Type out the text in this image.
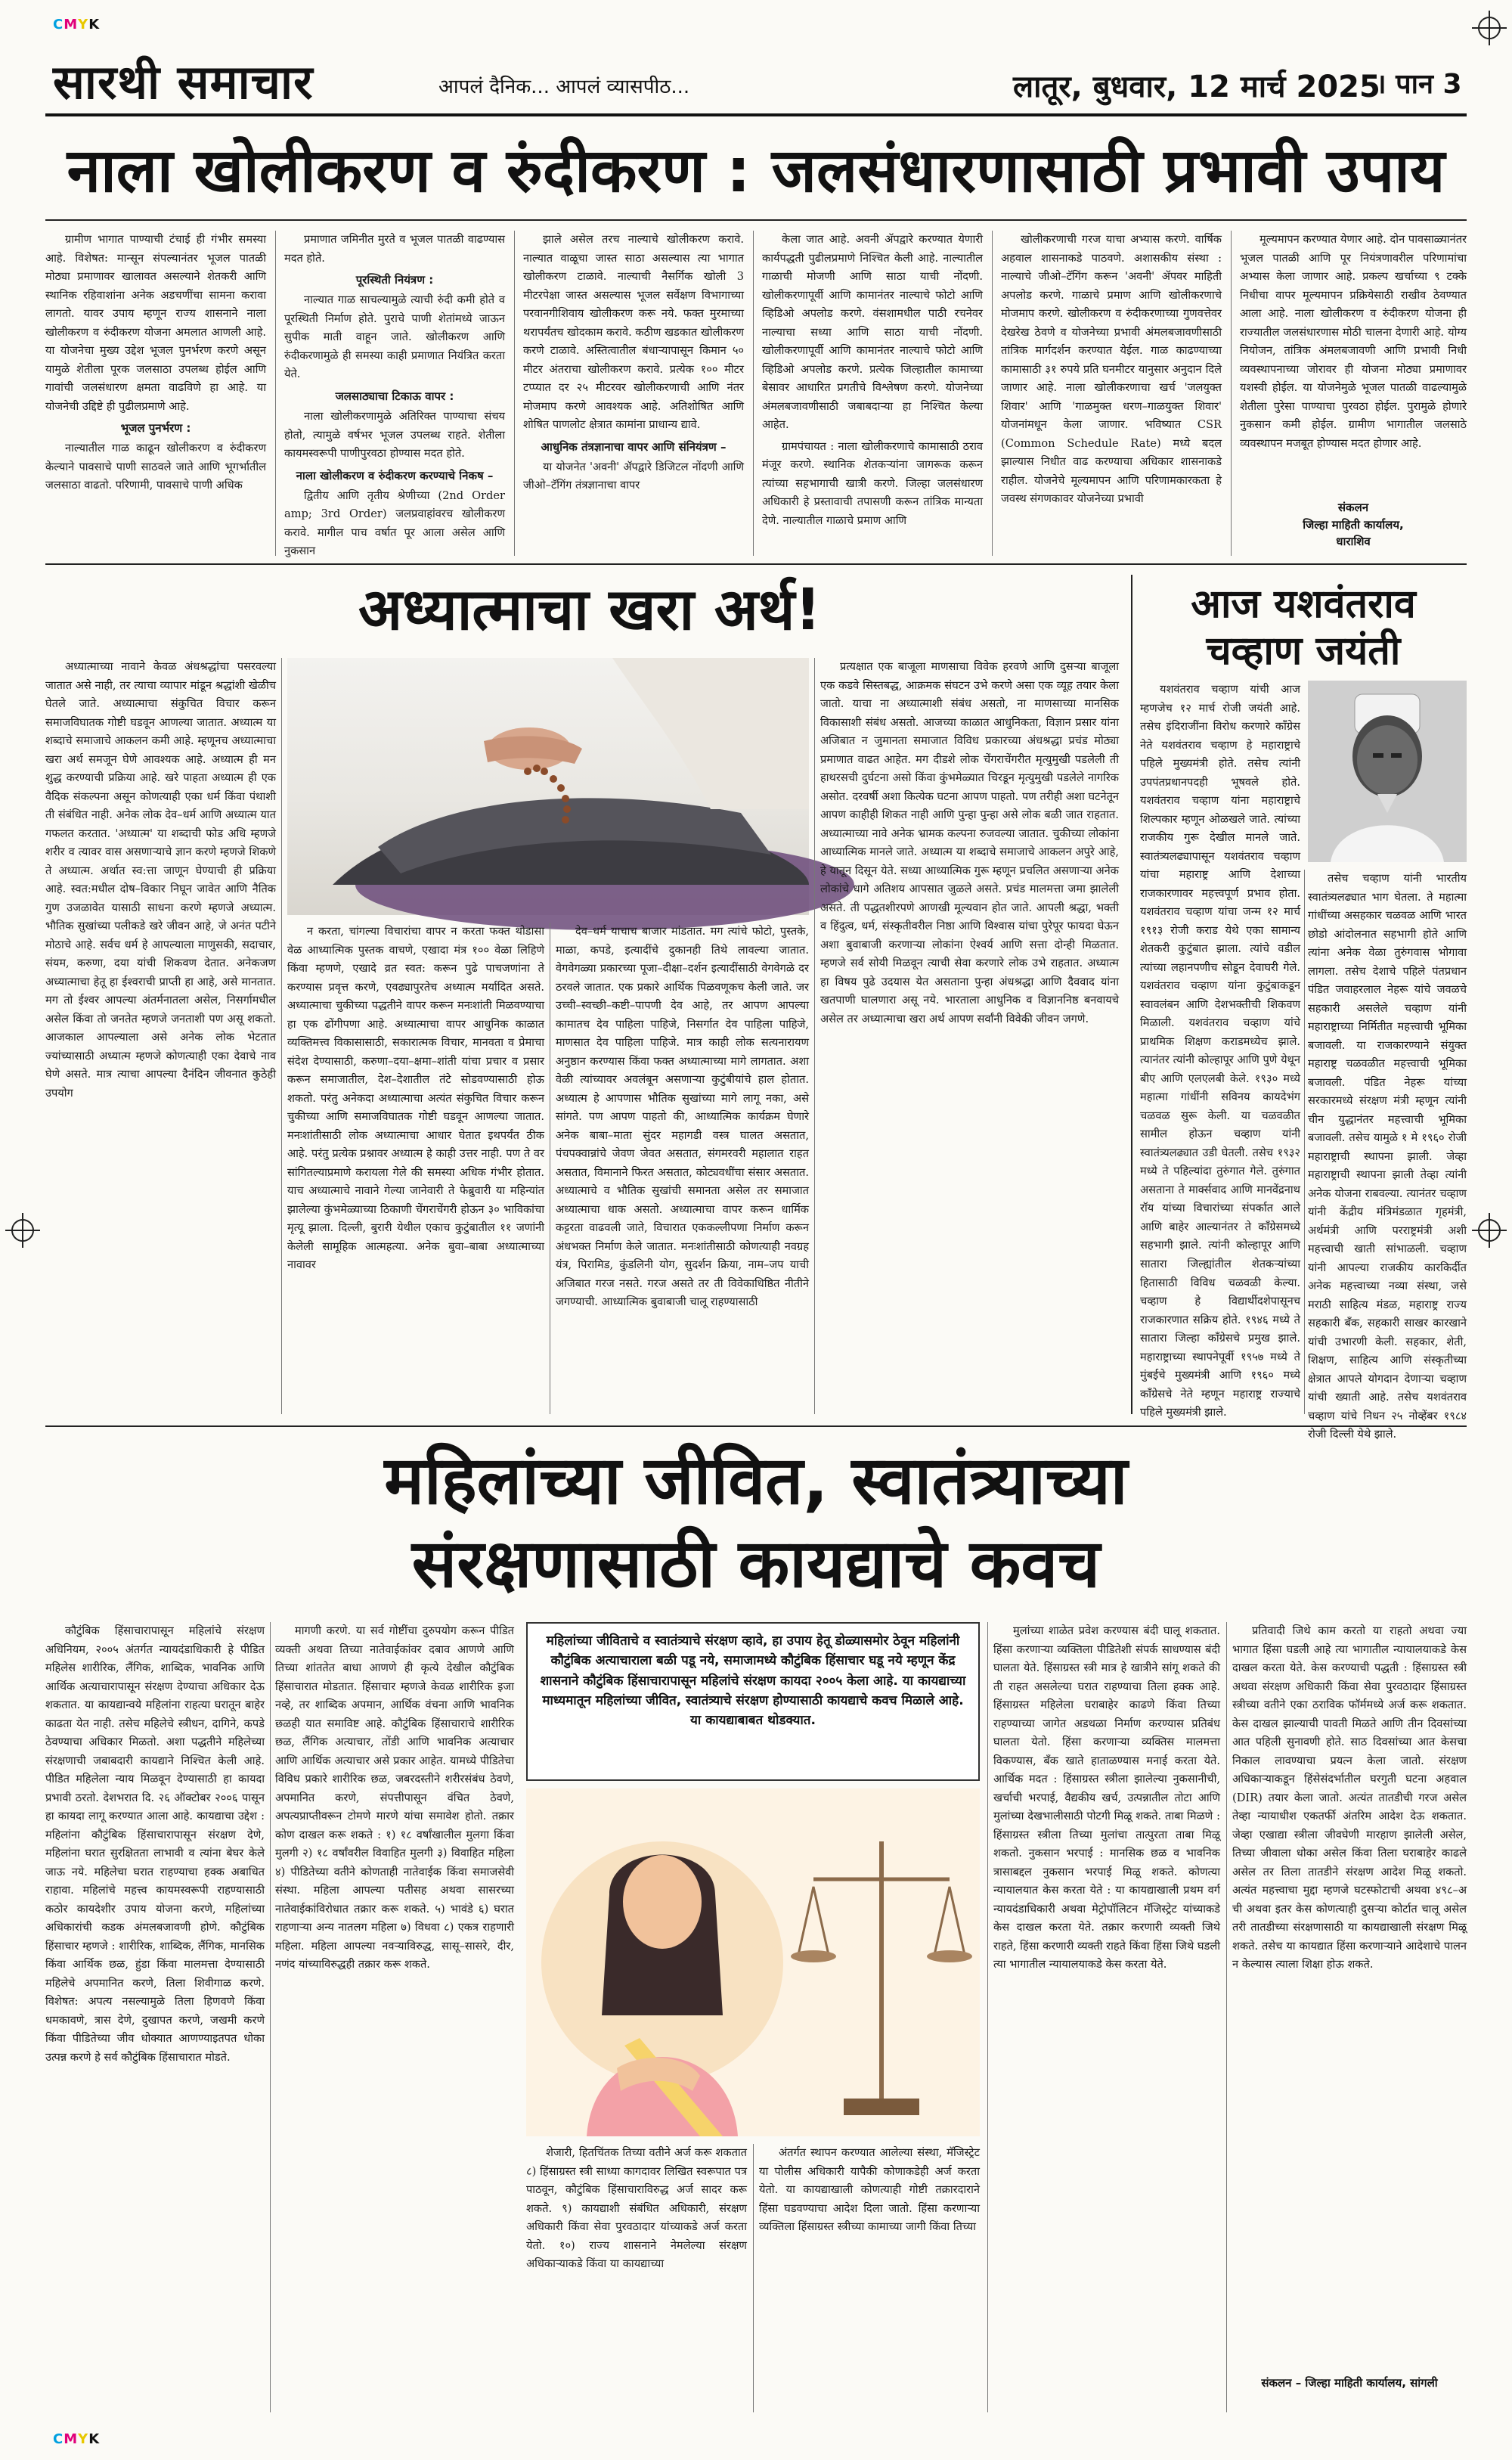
CMYK
CMYK
सारथी समाचार	आपलं दैनिक... आपलं व्यासपीठ...	लातूर, बुधवार, 12 मार्च 2025
। पान 3
नाला खोलीकरण व रुंदीकरण : जलसंधारणासाठी प्रभावी उपाय

ग्रामीण भागात पाण्याची टंचाई ही गंभीर समस्या आहे. विशेषत: मान्सून संपल्यानंतर भूजल पातळी मोठ्या प्रमाणावर खालावत असल्याने शेतकरी आणि स्थानिक रहिवाशांना अनेक अडचणींचा सामना करावा लागतो. यावर उपाय म्हणून राज्य शासनाने नाला खोलीकरण व रुंदीकरण योजना अमलात आणली आहे. या योजनेचा मुख्य उद्देश भूजल पुनर्भरण करणे असून यामुळे शेतीला पूरक जलसाठा उपलब्ध होईल आणि गावांची जलसंधारण क्षमता वाढविणे हा आहे. या योजनेची उद्दिष्टे ही पुढीलप्रमाणे आहे.

भूजल पुनर्भरण :

नाल्यातील गाळ काढून खोलीकरण व रुंदीकरण केल्याने पावसाचे पाणी साठवले जाते आणि भूगर्भातील जलसाठा वाढतो. परिणामी, पावसाचे पाणी अधिक

प्रमाणात जमिनीत मुरते व भूजल पातळी वाढण्यास मदत होते.

पूरस्थिती नियंत्रण :

नाल्यात गाळ साचल्यामुळे त्याची रुंदी कमी होते व पूरस्थिती निर्माण होते. पुराचे पाणी शेतांमध्ये जाऊन सुपीक माती वाहून जाते. खोलीकरण आणि रुंदीकरणामुळे ही समस्या काही प्रमाणात नियंत्रित करता येते.

जलसाठ्याचा टिकाऊ वापर :

नाला खोलीकरणामुळे अतिरिक्त पाण्याचा संचय होतो, त्यामुळे वर्षभर भूजल उपलब्ध राहते. शेतीला कायमस्वरूपी पाणीपुरवठा होण्यास मदत होते.

नाला खोलीकरण व रुंदीकरण करण्याचे निकष –

द्वितीय आणि तृतीय श्रेणीच्या (2nd Order amp; 3rd Order) जलप्रवाहांवरच खोलीकरण करावे. मागील पाच वर्षात पूर आला असेल आणि नुकसान

झाले असेल तरच नाल्याचे खोलीकरण करावे. नाल्यात वाळूचा जास्त साठा असल्यास त्या भागात खोलीकरण टाळावे. नाल्याची नैसर्गिक खोली 3 मीटरपेक्षा जास्त असल्यास भूजल सर्वेक्षण विभागाच्या परवानगीशिवाय खोलीकरण करू नये. फक्त मुरमाच्या थरापर्यंतच खोदकाम करावे. कठीण खडकात खोलीकरण करणे टाळावे. अस्तित्वातील बंधाऱ्यापासून किमान ५० मीटर अंतराचा खोलीकरण करावे. प्रत्येक १०० मीटर टप्प्यात दर २५ मीटरवर खोलीकरणाची आणि नंतर मोजमाप करणे आवश्यक आहे. अतिशोषित आणि शोषित पाणलोट क्षेत्रात कामांना प्राधान्य द्यावे.

आधुनिक तंत्रज्ञानाचा वापर आणि संनियंत्रण –

या योजनेत 'अवनी' ॲपद्वारे डिजिटल नोंदणी आणि जीओ–टॅगिंग तंत्रज्ञानाचा वापर

केला जात आहे. अवनी ॲपद्वारे करण्यात येणारी कार्यपद्धती पुढीलप्रमाणे निश्चित केली आहे. नाल्यातील गाळाची मोजणी आणि साठा याची नोंदणी. खोलीकरणापूर्वी आणि कामानंतर नाल्याचे फोटो आणि व्हिडिओ अपलोड करणे. वंसशामधील पाठी रचनेवर नाल्याचा सध्या आणि साठा याची नोंदणी. खोलीकरणापूर्वी आणि कामानंतर नाल्याचे फोटो आणि व्हिडिओ अपलोड करणे. प्रत्येक जिल्हातील कामाच्या बेसावर आधारित प्रगतीचे विश्लेषण करणे. योजनेच्या अंमलबजावणीसाठी जबाबदाऱ्या हा निश्चित केल्या आहेत.

ग्रामपंचायत : नाला खोलीकरणाचे कामासाठी ठराव मंजूर करणे. स्थानिक शेतकऱ्यांना जागरूक करून त्यांच्या सहभागाची खात्री करणे. जिल्हा जलसंधारण अधिकारी हे प्रस्तावाची तपासणी करून तांत्रिक मान्यता देणे. नाल्यातील गाळाचे प्रमाण आणि

खोलीकरणाची गरज याचा अभ्यास करणे. वार्षिक अहवाल शासनाकडे पाठवणे. अशासकीय संस्था : नाल्याचे जीओ–टॅगिंग करून 'अवनी' ॲपवर माहिती अपलोड करणे. गाळाचे प्रमाण आणि खोलीकरणाचे मोजमाप करणे. खोलीकरण व रुंदीकरणाच्या गुणवत्तेवर देखरेख ठेवणे व योजनेच्या प्रभावी अंमलबजावणीसाठी तांत्रिक मार्गदर्शन करण्यात येईल. गाळ काढण्याच्या कामासाठी ३१ रुपये प्रति घनमीटर यानुसार अनुदान दिले जाणार आहे. नाला खोलीकरणाचा खर्च 'जलयुक्त शिवार' आणि 'गाळमुक्त धरण–गाळयुक्त शिवार' योजनांमधून केला जाणार. भविष्यात CSR (Common Schedule Rate) मध्ये बदल झाल्यास निधीत वाढ करण्याचा अधिकार शासनाकडे राहील. योजनेचे मूल्यमापन आणि परिणामकारकता हे जवस्थ संगणकावर योजनेच्या प्रभावी

मूल्यमापन करण्यात येणार आहे. दोन पावसाळ्यानंतर भूजल पातळी आणि पूर नियंत्रणावरील परिणामांचा अभ्यास केला जाणार आहे. प्रकल्प खर्चाच्या ९ टक्के निधीचा वापर मूल्यमापन प्रक्रियेसाठी राखीव ठेवण्यात आला आहे. नाला खोलीकरण व रुंदीकरण योजना ही राज्यातील जलसंधारणास मोठी चालना देणारी आहे. योग्य नियोजन, तांत्रिक अंमलबजावणी आणि प्रभावी निधी व्यवस्थापनाच्या जोरावर ही योजना मोठ्या प्रमाणावर यशस्वी होईल. या योजनेमुळे भूजल पातळी वाढल्यामुळे शेतीला पुरेसा पाण्याचा पुरवठा होईल. पुरामुळे होणारे नुकसान कमी होईल. ग्रामीण भागातील जलसाठे व्यवस्थापन मजबूत होण्यास मदत होणार आहे.

संकलन
जिल्हा माहिती कार्यालय,
धाराशिव
अध्यात्माचा खरा अर्थ!

अध्यात्माच्या नावाने केवळ अंधश्रद्धांचा पसरवल्या जातात असे नाही, तर त्याचा व्यापार मांडून श्रद्धांशी खेळीच घेतले जाते. अध्यात्माचा संकुचित विचार करून समाजविघातक गोष्टी घडवून आणल्या जातात. अध्यात्म या शब्दाचे समाजाचे आकलन कमी आहे. म्हणूनच अध्यात्माचा खरा अर्थ समजून घेणे आवश्यक आहे. अध्यात्म ही मन शुद्ध करण्याची प्रक्रिया आहे. खरे पाहता अध्यात्म ही एक वैदिक संकल्पना असून कोणत्याही एका धर्म किंवा पंथाशी ती संबंधित नाही. अनेक लोक देव–धर्म आणि अध्यात्म यात गफलत करतात. 'अध्यात्म' या शब्दाची फोड अधि म्हणजे शरीर व त्यावर वास असणाऱ्याचे ज्ञान करणे म्हणजे शिकणे ते अध्यात्म. अर्थात स्व:त्ता जाणून घेण्याची ही प्रक्रिया आहे. स्वत:मधील दोष–विकार निघून जावेत आणि नैतिक गुण उजळावेत यासाठी साधना करणे म्हणजे अध्यात्म. भौतिक सुखांच्या पलीकडे खरे जीवन आहे, जे अनंत पटीने मोठाचे आहे. सर्वच धर्म हे आपल्याला माणुसकी, सदाचार, संयम, करुणा, दया यांची शिकवण देतात. अनेकजण अध्यात्माचा हेतू हा ईश्वराची प्राप्ती हा आहे, असे मानतात. मग तो ईश्वर आपल्या अंतर्मनातला असेल, निसर्गामधील असेल किंवा तो जनतेत म्हणजे जनताशी पण असू शकतो. आजकाल आपल्याला असे अनेक लोक भेटतात ज्यांच्यासाठी अध्यात्म म्हणजे कोणत्याही एका देवाचे नाव घेणे असते. मात्र त्याचा आपल्या दैनंदिन जीवनात कुठेही उपयोग

न करता, चांगल्या विचारांचा वापर न करता फक्त थोडासा वेळ आध्यात्मिक पुस्तक वाचणे, एखादा मंत्र १०० वेळा लिहिणे किंवा म्हणणे, एखादे व्रत स्वत: करून पुढे पाचजणांना ते करण्यास प्रवृत्त करणे, एवढ्यापुरतेच अध्यात्म मर्यादित असते. अध्यात्माचा चुकीच्या पद्धतीने वापर करून मनःशांती मिळवण्याचा हा एक ढोंगीपणा आहे. अध्यात्माचा वापर आधुनिक काळात व्यक्तिमत्त्व विकासासाठी, सकारात्मक विचार, मानवता व प्रेमाचा संदेश देण्यासाठी, करुणा–दया–क्षमा–शांती यांचा प्रचार व प्रसार करून समाजातील, देश–देशातील तंटे सोडवण्यासाठी होऊ शकतो. परंतु अनेकदा अध्यात्माचा अत्यंत संकुचित विचार करून चुकीच्या आणि समाजविघातक गोष्टी घडवून आणल्या जातात. मनःशांतीसाठी लोक अध्यात्माचा आधार घेतात इथपर्यंत ठीक आहे. परंतु प्रत्येक प्रश्नावर अध्यात्म हे काही उत्तर नाही. पण ते वर सांगितल्याप्रमाणे करायला गेले की समस्या अधिक गंभीर होतात. याच अध्यात्माचे नावाने गेल्या जानेवारी ते फेब्रुवारी या महिन्यांत झालेल्या कुंभमेळ्याच्या ठिकाणी चेंगराचेंगरी होऊन ३० भाविकांचा मृत्यू झाला. दिल्ली, बुरारी येथील एकाच कुटुंबातील ११ जणांनी केलेली सामूहिक आत्महत्या. अनेक बुवा–बाबा अध्यात्माच्या नावावर

देव–धर्म याचाच बाजार मांडतात. मग त्यांचे फोटो, पुस्तके, माळा, कपडे, इत्यादींचे दुकानही तिथे लावल्या जातात. वेगवेगळ्या प्रकारच्या पूजा–दीक्षा–दर्शन इत्यादींसाठी वेगवेगळे दर ठरवले जातात. एक प्रकारे आर्थिक पिळवणूकच केली जाते. जर उच्ची–स्वच्छी–कष्टी–पापणी देव आहे, तर आपण आपल्या कामातच देव पाहिला पाहिजे, निसर्गात देव पाहिला पाहिजे, माणसात देव पाहिला पाहिजे. मात्र काही लोक सत्यनारायण अनुष्ठान करण्यास किंवा फक्त अध्यात्माच्या मागे लागतात. अशा वेळी त्यांच्यावर अवलंबून असणाऱ्या कुटुंबीयांचे हाल होतात. अध्यात्म हे आपणास भौतिक सुखांच्या मागे लागू नका, असे सांगते. पण आपण पाहतो की, आध्यात्मिक कार्यक्रम घेणारे अनेक बाबा–माता सुंदर महागडी वस्त्र घालत असतात, पंचपक्वान्नांचे जेवण जेवत असतात, संगमरवरी महालात राहत असतात, विमानाने फिरत असतात, कोट्यवधींचा संसार असतात. अध्यात्माचे व भौतिक सुखांची समानता असेल तर समाजात अध्यात्माचा धाक असतो. अध्यात्माचा वापर करून धार्मिक कट्टरता वाढवली जाते, विचारात एककल्लीपणा निर्माण करून अंधभक्त निर्माण केले जातात. मनःशांतीसाठी कोणत्याही नवग्रह यंत्र, पिरामिड, कुंडलिनी योग, सुदर्शन क्रिया, नाम–जप याची अजिबात गरज नसते. गरज असते तर ती विवेकाधिष्ठित नीतीने जगण्याची. आध्यात्मिक बुवाबाजी चालू राहण्यासाठी

प्रत्यक्षात एक बाजूला माणसाचा विवेक हरवणे आणि दुसऱ्या बाजूला एक कडवे सिस्तबद्ध, आक्रमक संघटन उभे करणे असा एक व्यूह तयार केला जातो. याचा ना अध्यात्माशी संबंध असतो, ना माणसाच्या मानसिक विकासाशी संबंध असतो. आजच्या काळात आधुनिकता, विज्ञान प्रसार यांना अजिबात न जुमानता समाजात विविध प्रकारच्या अंधश्रद्धा प्रचंड मोठ्या प्रमाणात वाढत आहेत. मग दीडशे लोक चेंगराचेंगरीत मृत्युमुखी पडलेली ती हाथरसची दुर्घटना असो किंवा कुंभमेळ्यात चिरडून मृत्युमुखी पडलेले नागरिक असोत. दरवर्षी अशा कित्येक घटना आपण पाहतो. पण तरीही अशा घटनेतून आपण काहीही शिकत नाही आणि पुन्हा पुन्हा असे लोक बळी जात राहतात. अध्यात्माच्या नावे अनेक भ्रामक कल्पना रुजवल्या जातात. चुकीच्या लोकांना आध्यात्मिक मानले जाते. अध्यात्म या शब्दाचे समाजाचे आकलन अपुरे आहे, हे यातून दिसून येते. सध्या आध्यात्मिक गुरू म्हणून प्रचलित असणाऱ्या अनेक लोकांचे धागे अतिशय आपसात जुळले असते. प्रचंड मालमत्ता जमा झालेली असते. ती पद्धतशीरपणे आणखी मूल्यवान होत जाते. आपली श्रद्धा, भक्ती व हिंदुत्व, धर्म, संस्कृतीवरील निष्ठा आणि विश्वास यांचा पुरेपूर फायदा घेऊन अशा बुवाबाजी करणाऱ्या लोकांना ऐश्वर्य आणि सत्ता दोन्ही मिळतात. म्हणजे सर्व सोयी मिळवून त्याची सेवा करणारे लोक उभे राहतात. अध्यात्म हा विषय पुढे उदयास येत असताना पुन्हा अंधश्रद्धा आणि दैववाद यांना खतपाणी घालणारा असू नये. भारताला आधुनिक व विज्ञाननिष्ठ बनवायचे असेल तर अध्यात्माचा खरा अर्थ आपण सर्वांनी विवेकी जीवन जगणे.

आज यशवंतराव चव्हाण जयंती

यशवंतराव चव्हाण यांची आज म्हणजेच १२ मार्च रोजी जयंती आहे. तसेच इंदिराजींना विरोध करणारे काँग्रेस नेते यशवंतराव चव्हाण हे महाराष्ट्राचे पहिले मुख्यमंत्री होते. तसेच त्यांनी उपपंतप्रधानपदही भूषवले होते. यशवंतराव चव्हाण यांना महाराष्ट्राचे शिल्पकार म्हणून ओळखले जाते. त्यांच्या राजकीय गुरू देखील मानले जाते. स्वातंत्र्यलढ्यापासून यशवंतराव चव्हाण यांचा महाराष्ट्र आणि देशाच्या राजकारणावर महत्त्वपूर्ण प्रभाव होता. यशवंतराव चव्हाण यांचा जन्म १२ मार्च १९१३ रोजी कराड येथे एका सामान्य शेतकरी कुटुंबात झाला. त्यांचे वडील त्यांच्या लहानपणीच सोडून देवाघरी गेले. यशवंतराव चव्हाण यांना कुटुंबाकडून स्वावलंबन आणि देशभक्तीची शिकवण मिळाली. यशवंतराव चव्हाण यांचे प्राथमिक शिक्षण कराडमध्येच झाले. त्यानंतर त्यांनी कोल्हापूर आणि पुणे येथून बीए आणि एलएलबी केले. १९३० मध्ये महात्मा गांधींनी सविनय कायदेभंग चळवळ सुरू केली. या चळवळीत सामील होऊन चव्हाण यांनी स्वातंत्र्यलढ्यात उडी घेतली. तसेच १९३२ मध्ये ते पहिल्यांदा तुरुंगात गेले. तुरुंगात असताना ते मार्क्सवाद आणि मानवेंद्रनाथ रॉय यांच्या विचारांच्या संपर्कात आले आणि बाहेर आल्यानंतर ते काँग्रेसमध्ये सहभागी झाले. त्यांनी कोल्हापूर आणि सातारा जिल्ह्यांतील शेतकऱ्यांच्या हितासाठी विविध चळवळी केल्या. चव्हाण हे विद्यार्थीदशेपासूनच राजकारणात सक्रिय होते. १९४६ मध्ये ते सातारा जिल्हा काँग्रेसचे प्रमुख झाले. महाराष्ट्राच्या स्थापनेपूर्वी १९५७ मध्ये ते मुंबईचे मुख्यमंत्री आणि १९६० मध्ये कॉंग्रेसचे नेते म्हणून महाराष्ट्र राज्याचे पहिले मुख्यमंत्री झाले.

तसेच चव्हाण यांनी भारतीय स्वातंत्र्यलढ्यात भाग घेतला. ते महात्मा गांधींच्या असहकार चळवळ आणि भारत छोडो आंदोलनात सहभागी होते आणि त्यांना अनेक वेळा तुरुंगवास भोगावा लागला. तसेच देशाचे पहिले पंतप्रधान पंडित जवाहरलाल नेहरू यांचे जवळचे सहकारी असलेले चव्हाण यांनी महाराष्ट्राच्या निर्मितीत महत्त्वाची भूमिका बजावली. या राजकारण्याने संयुक्त महाराष्ट्र चळवळीत महत्त्वाची भूमिका बजावली. पंडित नेहरू यांच्या सरकारमध्ये संरक्षण मंत्री म्हणून त्यांनी चीन युद्धानंतर महत्त्वाची भूमिका बजावली. तसेच यामुळे १ मे १९६० रोजी महाराष्ट्राची स्थापना झाली. जेव्हा महाराष्ट्राची स्थापना झाली तेव्हा त्यांनी अनेक योजना राबवल्या. त्यानंतर चव्हाण यांनी केंद्रीय मंत्रिमंडळात गृहमंत्री, अर्थमंत्री आणि परराष्ट्रमंत्री अशी महत्त्वाची खाती सांभाळली. चव्हाण यांनी आपल्या राजकीय कारकिर्दीत अनेक महत्त्वाच्या नव्या संस्था, जसे मराठी साहित्य मंडळ, महाराष्ट्र राज्य सहकारी बँक, सहकारी साखर कारखाने यांची उभारणी केली. सहकार, शेती, शिक्षण, साहित्य आणि संस्कृतीच्या क्षेत्रात आपले योगदान देणाऱ्या चव्हाण यांची ख्याती आहे. तसेच यशवंतराव चव्हाण यांचे निधन २५ नोव्हेंबर १९८४ रोजी दिल्ली येथे झाले.

महिलांच्या जीवित, स्वातंत्र्याच्या
संरक्षणासाठी कायद्याचे कवच

कौटुंबिक हिंसाचारापासून महिलांचे संरक्षण अधिनियम, २००५ अंतर्गत न्यायदंडाधिकारी हे पीडित महिलेस शारीरिक, लैंगिक, शाब्दिक, भावनिक आणि आर्थिक अत्याचारापासून संरक्षण देण्याचा अधिकार देऊ शकतात. या कायद्यान्वये महिलांना राहत्या घरातून बाहेर काढता येत नाही. तसेच महिलेचे स्त्रीधन, दागिने, कपडे ठेवण्याचा अधिकार मिळतो. अशा पद्धतीने महिलेच्या संरक्षणाची जबाबदारी कायद्याने निश्चित केली आहे. पीडित महिलेला न्याय मिळवून देण्यासाठी हा कायदा प्रभावी ठरतो. देशभरात दि. २६ ऑक्टोबर २००६ पासून हा कायदा लागू करण्यात आला आहे. कायद्याचा उद्देश : महिलांना कौटुंबिक हिंसाचारापासून संरक्षण देणे, महिलांना घरात सुरक्षितता लाभावी व त्यांना बेघर केले जाऊ नये. महिलेचा घरात राहण्याचा हक्क अबाधित राहावा. महिलांचे महत्त्व कायमस्वरूपी राहण्यासाठी कठोर कायदेशीर उपाय योजना करणे, महिलांच्या अधिकारांची कडक अंमलबजावणी होणे. कौटुंबिक हिंसाचार म्हणजे : शारीरिक, शाब्दिक, लैंगिक, मानसिक किंवा आर्थिक छळ, हुंडा किंवा मालमत्ता देण्यासाठी महिलेचे अपमानित करणे, तिला शिवीगाळ करणे. विशेषत: अपत्य नसल्यामुळे तिला हिणवणे किंवा धमकावणे, त्रास देणे, दुखापत करणे, जखमी करणे किंवा पीडितेच्या जीव धोक्यात आणण्याइतपत धोका उत्पन्न करणे हे सर्व कौटुंबिक हिंसाचारात मोडते.

मागणी करणे. या सर्व गोष्टींचा दुरुपयोग करून पीडित व्यक्ती अथवा तिच्या नातेवाईकांवर दबाव आणणे आणि तिच्या शांततेत बाधा आणणे ही कृत्ये देखील कौटुंबिक हिंसाचारात मोडतात. हिंसाचार म्हणजे केवळ शारीरिक इजा नव्हे, तर शाब्दिक अपमान, आर्थिक वंचना आणि भावनिक छळही यात समाविष्ट आहे. कौटुंबिक हिंसाचाराचे शारीरिक छळ, लैंगिक अत्याचार, तोंडी आणि भावनिक अत्याचार आणि आर्थिक अत्याचार असे प्रकार आहेत. यामध्ये पीडितेचा विविध प्रकारे शारीरिक छळ, जबरदस्तीने शरीरसंबंध ठेवणे, अपमानित करणे, संपत्तीपासून वंचित ठेवणे, अपत्यप्राप्तीवरून टोमणे मारणे यांचा समावेश होतो. तक्रार कोण दाखल करू शकते : १) १८ वर्षांखालील मुलगा किंवा मुलगी २) १८ वर्षांवरील विवाहित मुलगी ३) विवाहित महिला ४) पीडितेच्या वतीने कोणताही नातेवाईक किंवा समाजसेवी संस्था. महिला आपल्या पतीसह अथवा सासरच्या नातेवाईकांविरोधात तक्रार करू शकते. ५) भावंडे ६) घरात राहणाऱ्या अन्य नातलग महिला ७) विधवा ८) एकत्र राहणारी महिला. महिला आपल्या नवऱ्याविरुद्ध, सासू–सासरे, दीर, नणंद यांच्याविरुद्धही तक्रार करू शकते.

महिलांच्या जीविताचे व स्वातंत्र्याचे संरक्षण व्हावे, हा उपाय हेतू डोळ्यासमोर ठेवून महिलांनी कौटुंबिक अत्याचाराला बळी पडू नये, समाजामध्ये कौटुंबिक हिंसाचार घडू नये म्हणून केंद्र शासनाने कौटुंबिक हिंसाचारापासून महिलांचे संरक्षण कायदा २००५ केला आहे. या कायद्याच्या माध्यमातून महिलांच्या जीवित, स्वातंत्र्याचे संरक्षण होण्यासाठी कायद्याचे कवच मिळाले आहे. या कायद्याबाबत थोडक्यात.

शेजारी, हितचिंतक तिच्या वतीने अर्ज करू शकतात ८) हिंसाग्रस्त स्त्री साध्या कागदावर लिखित स्वरूपात पत्र पाठवून, कौटुंबिक हिंसाचाराविरुद्ध अर्ज सादर करू शकते. ९) कायद्याशी संबंधित अधिकारी, संरक्षण अधिकारी किंवा सेवा पुरवठादार यांच्याकडे अर्ज करता येतो. १०) राज्य शासनाने नेमलेल्या संरक्षण अधिकाऱ्याकडे किंवा या कायद्याच्या

अंतर्गत स्थापन करण्यात आलेल्या संस्था, मॅजिस्ट्रेट या पोलीस अधिकारी यापैकी कोणाकडेही अर्ज करता येतो. या कायद्याखाली कोणत्याही गोष्टी तक्रारदाराने हिंसा घडवण्याचा आदेश दिला जातो. हिंसा करणाऱ्या व्यक्तिला हिंसाग्रस्त स्त्रीच्या कामाच्या जागी किंवा तिच्या

मुलांच्या शाळेत प्रवेश करण्यास बंदी घालू शकतात. हिंसा करणाऱ्या व्यक्तिला पीडितेशी संपर्क साधण्यास बंदी घालता येते. हिंसाग्रस्त स्त्री मात्र हे खात्रीने सांगू शकते की ती राहत असलेल्या घरात राहण्याचा तिला हक्क आहे. हिंसाग्रस्त महिलेला घराबाहेर काढणे किंवा तिच्या राहण्याच्या जागेत अडथळा निर्माण करण्यास प्रतिबंध घालता येतो. हिंसा करणाऱ्या व्यक्तिस मालमत्ता विकण्यास, बँक खाते हाताळण्यास मनाई करता येते. आर्थिक मदत : हिंसाग्रस्त स्त्रीला झालेल्या नुकसानीची, खर्चाची भरपाई, वैद्यकीय खर्च, उत्पन्नातील तोटा आणि मुलांच्या देखभालीसाठी पोटगी मिळू शकते. ताबा मिळणे : हिंसाग्रस्त स्त्रीला तिच्या मुलांचा तात्पुरता ताबा मिळू शकतो. नुकसान भरपाई : मानसिक छळ व भावनिक त्रासाबद्दल नुकसान भरपाई मिळू शकते. कोणत्या न्यायालयात केस करता येते : या कायद्याखाली प्रथम वर्ग न्यायदंडाधिकारी अथवा मेट्रोपॉलिटन मॅजिस्ट्रेट यांच्याकडे केस दाखल करता येते. तक्रार करणारी व्यक्ती जिथे राहते, हिंसा करणारी व्यक्ती राहते किंवा हिंसा जिथे घडली त्या भागातील न्यायालयाकडे केस करता येते.

प्रतिवादी जिथे काम करतो या राहतो अथवा ज्या भागात हिंसा घडली आहे त्या भागातील न्यायालयाकडे केस दाखल करता येते. केस करण्याची पद्धती : हिंसाग्रस्त स्त्री अथवा संरक्षण अधिकारी किंवा सेवा पुरवठादार हिंसाग्रस्त स्त्रीच्या वतीने एका ठराविक फॉर्ममध्ये अर्ज करू शकतात. केस दाखल झाल्याची पावती मिळते आणि तीन दिवसांच्या आत पहिली सुनावणी होते. साठ दिवसांच्या आत केसचा निकाल लावण्याचा प्रयत्न केला जातो. संरक्षण अधिकाऱ्याकडून हिंसेसंदर्भातील घरगुती घटना अहवाल (DIR) तयार केला जातो. अत्यंत तातडीची गरज असेल तेव्हा न्यायाधीश एकतर्फी अंतरिम आदेश देऊ शकतात. जेव्हा एखाद्या स्त्रीला जीवघेणी मारहाण झालेली असेल, तिच्या जीवाला धोका असेल किंवा तिला घराबाहेर काढले असेल तर तिला तातडीने संरक्षण आदेश मिळू शकतो. अत्यंत महत्त्वाचा मुद्दा म्हणजे घटस्फोटाची अथवा ४९८–अ ची अथवा इतर केस कोणत्याही दुसऱ्या कोर्टात चालू असेल तरी तातडीच्या संरक्षणासाठी या कायद्याखाली संरक्षण मिळू शकते. तसेच या कायद्यात हिंसा करणाऱ्याने आदेशाचे पालन न केल्यास त्याला शिक्षा होऊ शकते.

संकलन – जिल्हा माहिती कार्यालय, सांगली
